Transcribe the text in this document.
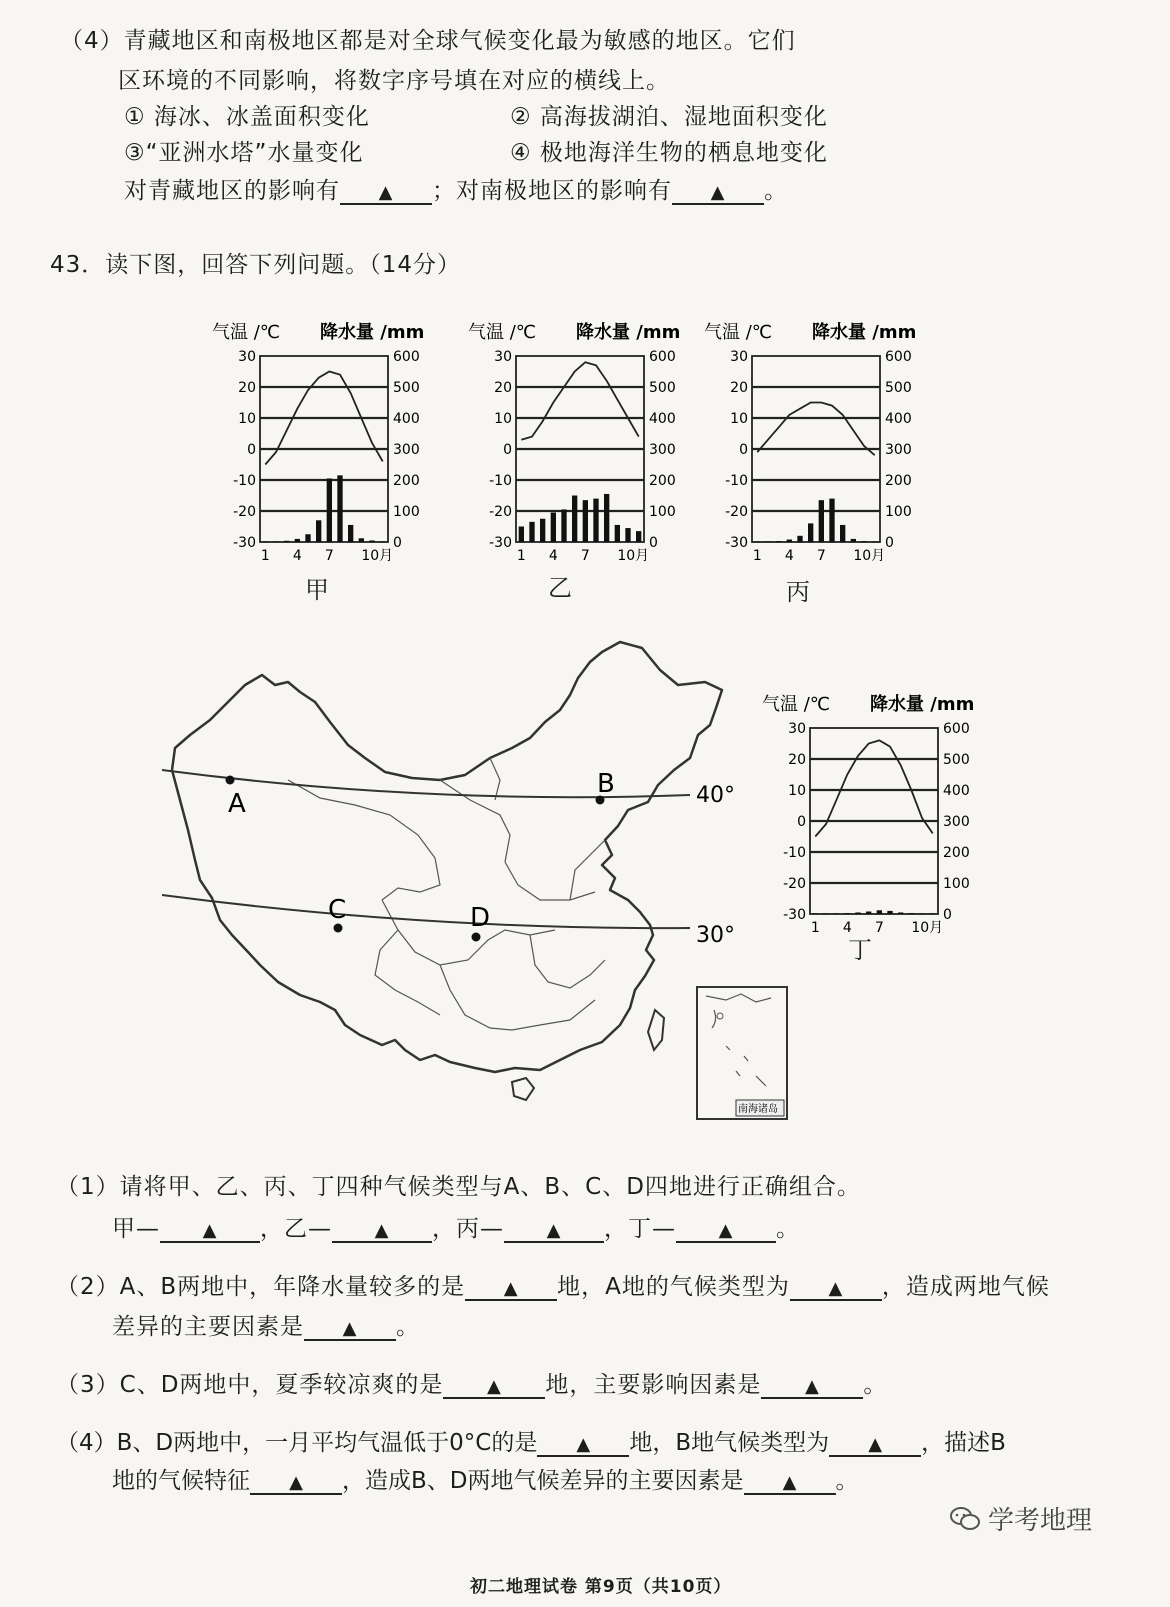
（4）青藏地区和南极地区都是对全球气候变化最为敏感的地区。它们
区环境的不同影响，将数字序号填在对应的横线上。
① 海冰、冰盖面积变化	② 高海拔湖泊、湿地面积变化
③“亚洲水塔”水量变化	④ 极地海洋生物的栖息地变化
对青藏地区的影响有 ▲ ；对南极地区的影响有 ▲ 。
43．读下图，回答下列问题。（14分）
气温 /℃ 降水量 /mm
30	600
20	500
10	400
0	300
-10	200
-20	100
-30	0
1 4 7 10月
甲
气温 /℃ 降水量 /mm
30	600
20	500
10	400
0	300
-10	200
-20	100
-30	0
1 4 7 10月
乙
气温 /℃ 降水量 /mm
30	600
20	500
10	400
0	300
-10	200
-20	100
-30	0
1 4 7 10月
丙
气温 /℃ 降水量 /mm
30	600
20	500
10	400
0	300
-10	200
-20	100
-30	0
1 4 7 10月
丁
A
B
C	D
40°
30°
南海诸岛
（1）请将甲、乙、丙、丁四种气候类型与A、B、C、D四地进行正确组合。
甲— ▲ ，乙— ▲ ，丙— ▲ ，丁— ▲ 。
（2）A、B两地中，年降水量较多的是 ▲ 地，A地的气候类型为 ▲ ，造成两地气候
差异的主要因素是 ▲ 。
（3）C、D两地中，夏季较凉爽的是 ▲ 地，主要影响因素是 ▲ 。
（4）B、D两地中，一月平均气温低于0°C的是 ▲ 地，B地气候类型为 ▲ ，描述B
地的气候特征 ▲ ，造成B、D两地气候差异的主要因素是 ▲ 。
学考地理
初二地理试卷 第9页（共10页）
